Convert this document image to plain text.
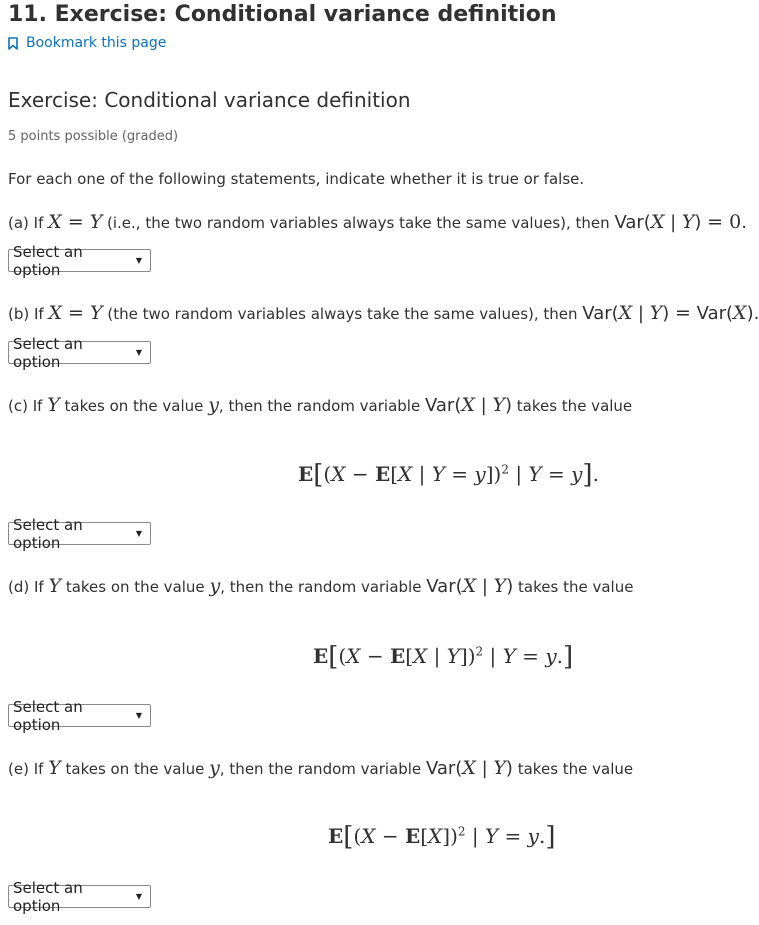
11. Exercise: Conditional variance definition
Bookmark this page
Exercise: Conditional variance definition
5 points possible (graded)
For each one of the following statements, indicate whether it is true or false.
(a) If X = Y (i.e., the two random variables always take the same values), then Var(X | Y) = 0.
Select an option	▼
(b) If X = Y (the two random variables always take the same values), then Var(X | Y) = Var(X).
Select an option	▼
(c) If Y takes on the value y, then the random variable Var(X | Y) takes the value
E[(X − E[X | Y = y])$^2$ | Y = y].
Select an option	▼
(d) If Y takes on the value y, then the random variable Var(X | Y) takes the value
E[(X − E[X | Y])$^2$ | Y = y.]
Select an option	▼
(e) If Y takes on the value y, then the random variable Var(X | Y) takes the value
$E[(X - E[X])^2$ | Y = y.]
Select an option	▼
